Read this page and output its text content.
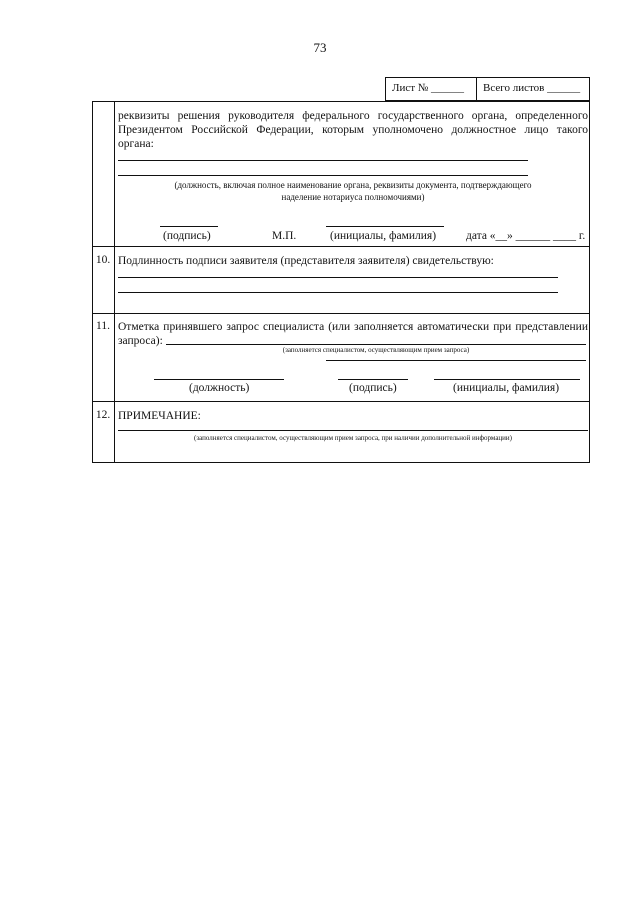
73
Лист № ______ Всего листов ______
реквизиты решения руководителя федерального государственного органа, определенного
Президентом Российской Федерации, которым уполномочено должностное лицо такого
органа:
(должность, включая полное наименование органа, реквизиты документа, подтверждающего
наделение нотариуса полномочиями)
(подпись)	М.П.	(инициалы, фамилия)	дата «__» ______ ____ г.
10. Подлинность подписи заявителя (представителя заявителя) свидетельствую:
11. Отметка принявшего запрос специалиста (или заполняется автоматически при представлении
запроса):
(заполняется специалистом, осуществляющим прием запроса)
(должность)	(подпись)	(инициалы, фамилия)
12. ПРИМЕЧАНИЕ:
(заполняется специалистом, осуществляющим прием запроса, при наличии дополнительной информации)
